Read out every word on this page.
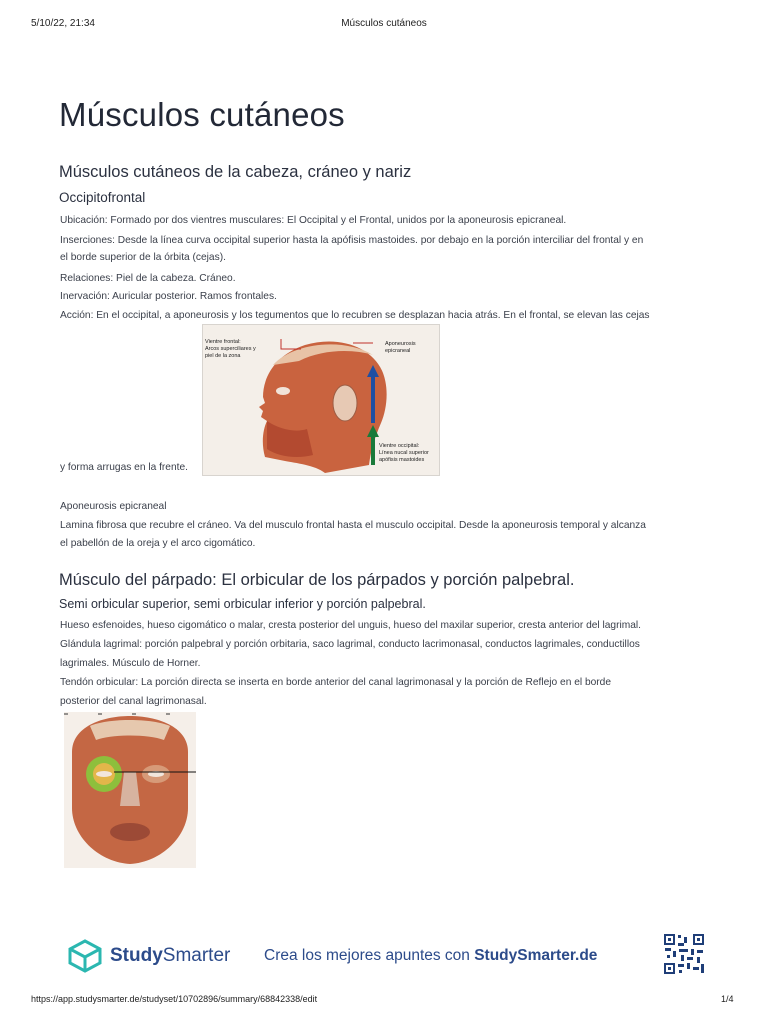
5/10/22, 21:34	Músculos cutáneos
Músculos cutáneos
Músculos cutáneos de la cabeza, cráneo y nariz
Occipitofrontal

Ubicación: Formado por dos vientres musculares: El Occipital y el Frontal, unidos por la aponeurosis epicraneal.

Inserciones: Desde la línea curva occipital superior hasta la apófisis mastoides. por debajo en la porción interciliar del frontal y en

el borde superior de la órbita (cejas).

Relaciones: Piel de la cabeza. Cráneo.

Inervación: Auricular posterior. Ramos frontales.

Acción: En el occipital, a aponeurosis y los tegumentos que lo recubren se desplazan hacia atrás. En el frontal, se elevan las cejas

Vientre frontal:
Arcos superciliares y
piel de la zona
Aponeurosis
epicraneal
Vientre occipital:
Línea nucal superior
apófisis mastoides

y forma arrugas en la frente.

Aponeurosis epicraneal

Lamina fibrosa que recubre el cráneo. Va del musculo frontal hasta el musculo occipital. Desde la aponeurosis temporal y alcanza

el pabellón de la oreja y el arco cigomático.

Músculo del párpado: El orbicular de los párpados y porción palpebral.
Semi orbicular superior, semi orbicular inferior y porción palpebral.

Hueso esfenoides, hueso cigomático o malar, cresta posterior del unguis, hueso del maxilar superior, cresta anterior del lagrimal.

Glándula lagrimal: porción palpebral y porción orbitaria, saco lagrimal, conducto lacrimonasal, conductos lagrimales, conductillos

lagrimales. Músculo de Horner.

Tendón orbicular: La porción directa se inserta en borde anterior del canal lagrimonasal y la porción de Reflejo en el borde

posterior del canal lagrimonasal.

StudySmarter Crea los mejores apuntes con StudySmarter.de
https://app.studysmarter.de/studyset/10702896/summary/68842338/edit	1/4
